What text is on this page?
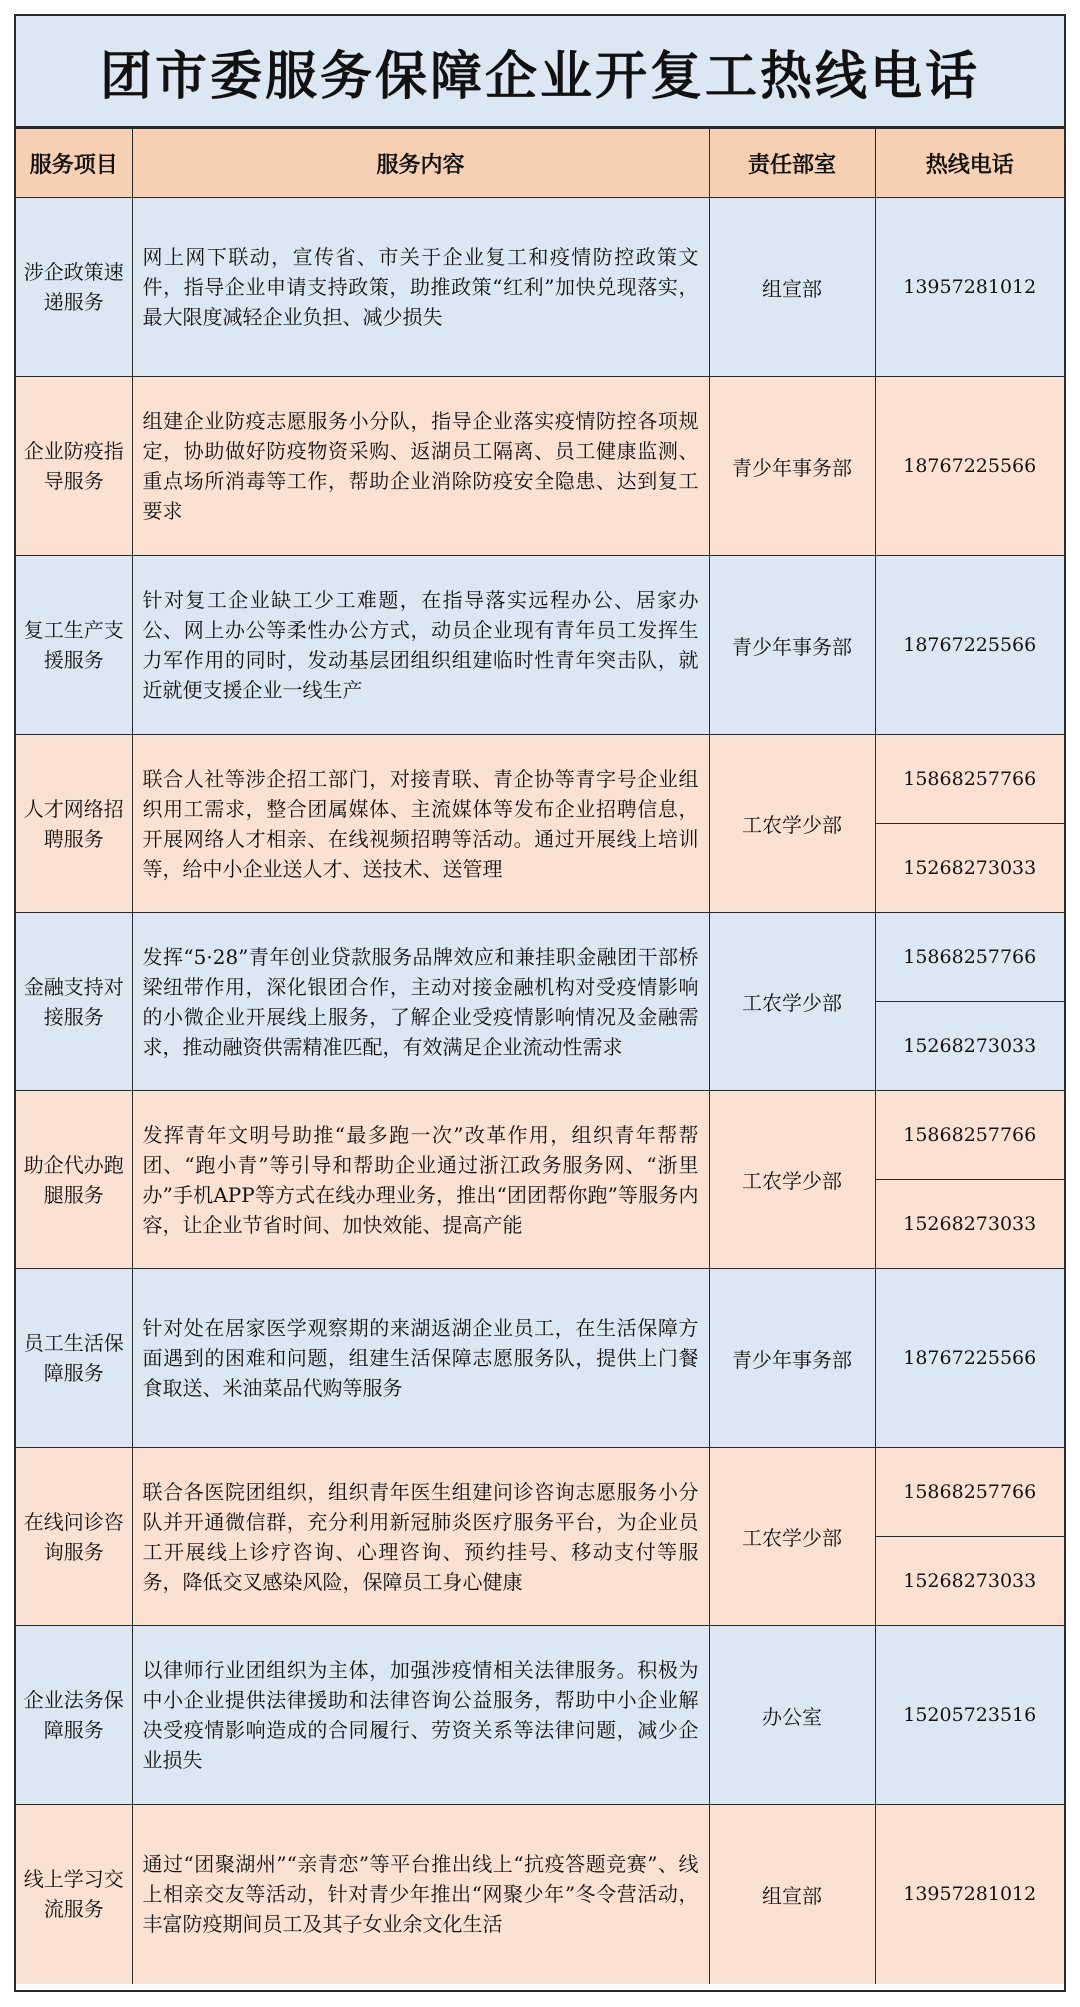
团市委服务保障企业开复工热线电话
服务项目	服务内容	责任部室	热线电话
涉企政策速递服务	网上网下联动，宣传省、市关于企业复工和疫情防控政策文件，指导企业申请支持政策，助推政策“红利”加快兑现落实，最大限度减轻企业负担、减少损失	组宣部	13957281012
企业防疫指导服务	组建企业防疫志愿服务小分队，指导企业落实疫情防控各项规定，协助做好防疫物资采购、返湖员工隔离、员工健康监测、重点场所消毒等工作，帮助企业消除防疫安全隐患、达到复工要求	青少年事务部	18767225566
复工生产支援服务	针对复工企业缺工少工难题，在指导落实远程办公、居家办公、网上办公等柔性办公方式，动员企业现有青年员工发挥生力军作用的同时，发动基层团组织组建临时性青年突击队，就近就便支援企业一线生产	青少年事务部	18767225566
人才网络招聘服务	联合人社等涉企招工部门，对接青联、青企协等青字号企业组织用工需求，整合团属媒体、主流媒体等发布企业招聘信息，开展网络人才相亲、在线视频招聘等活动。通过开展线上培训等，给中小企业送人才、送技术、送管理	工农学少部	15868257766
			15268273033
金融支持对接服务	发挥“5·28”青年创业贷款服务品牌效应和兼挂职金融团干部桥梁纽带作用，深化银团合作，主动对接金融机构对受疫情影响的小微企业开展线上服务，了解企业受疫情影响情况及金融需求，推动融资供需精准匹配，有效满足企业流动性需求	工农学少部	15868257766
			15268273033
助企代办跑腿服务	发挥青年文明号助推“最多跑一次”改革作用，组织青年帮帮团、“跑小青”等引导和帮助企业通过浙江政务服务网、“浙里办”手机APP等方式在线办理业务，推出“团团帮你跑”等服务内容，让企业节省时间、加快效能、提高产能	工农学少部	15868257766
			15268273033
员工生活保障服务	针对处在居家医学观察期的来湖返湖企业员工，在生活保障方面遇到的困难和问题，组建生活保障志愿服务队，提供上门餐食取送、米油菜品代购等服务	青少年事务部	18767225566
在线问诊咨询服务	联合各医院团组织，组织青年医生组建问诊咨询志愿服务小分队并开通微信群，充分利用新冠肺炎医疗服务平台，为企业员工开展线上诊疗咨询、心理咨询、预约挂号、移动支付等服务，降低交叉感染风险，保障员工身心健康	工农学少部	15868257766
			15268273033
企业法务保障服务	以律师行业团组织为主体，加强涉疫情相关法律服务。积极为中小企业提供法律援助和法律咨询公益服务，帮助中小企业解决受疫情影响造成的合同履行、劳资关系等法律问题，减少企业损失	办公室	15205723516
线上学习交流服务	通过“团聚湖州”“亲青恋”等平台推出线上“抗疫答题竞赛”、线上相亲交友等活动，针对青少年推出“网聚少年”冬令营活动，丰富防疫期间员工及其子女业余文化生活	组宣部	13957281012
